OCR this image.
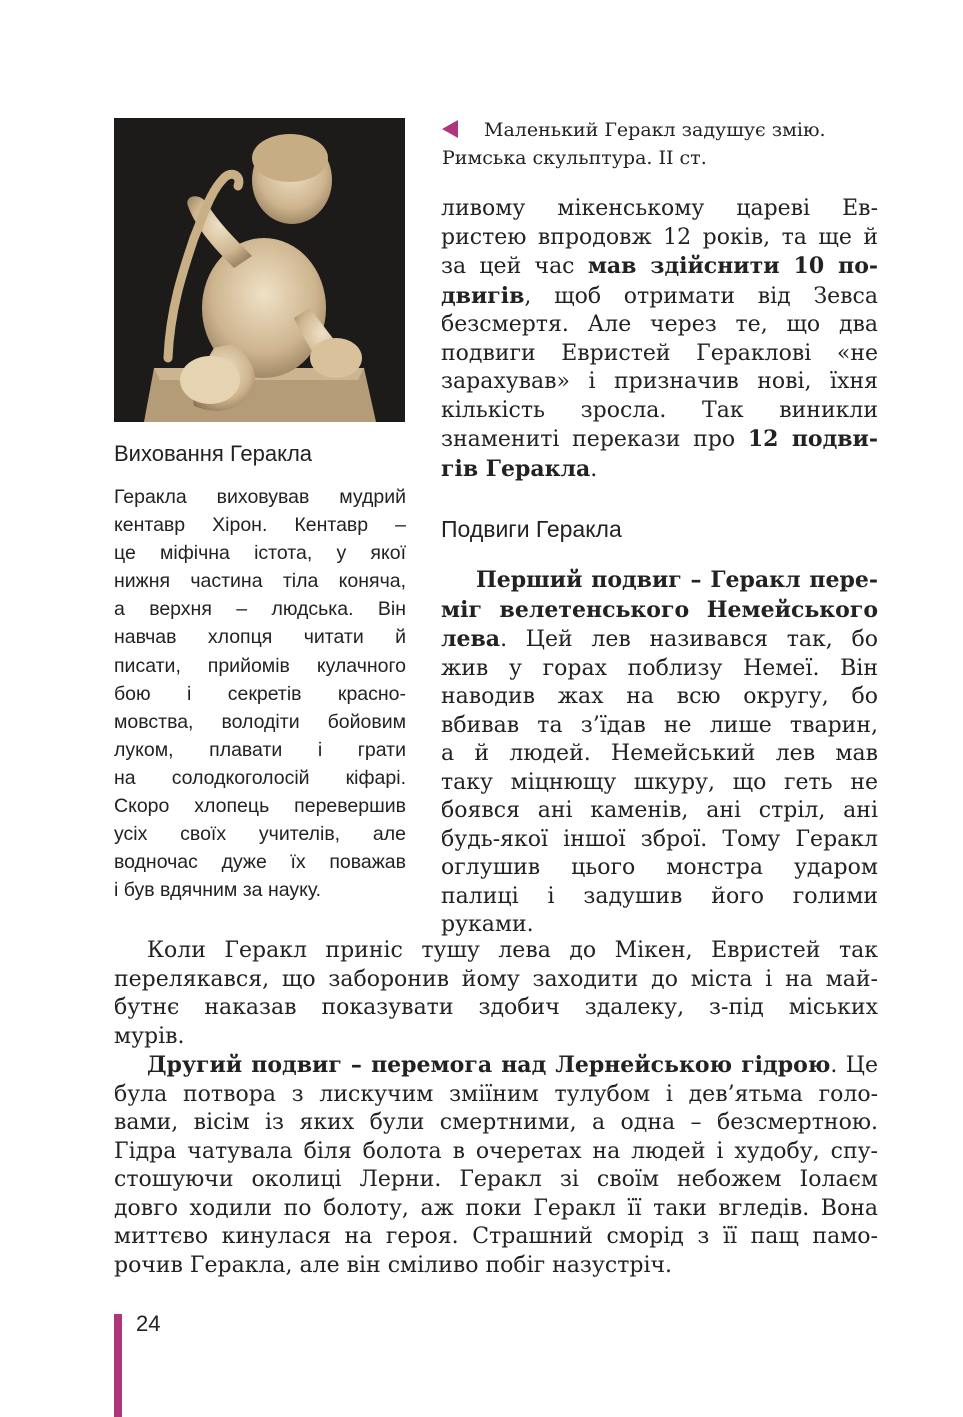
Маленький Геракл задушує змію.
Римська скульптура. ІІ ст.
ливому мікенському цареві Ев-
ристею впродовж 12 років, та ще й
за цей час мав здійснити 10 по-
двигів, щоб отримати від Зевса
безсмертя. Але через те, що два
подвиги Евристей Гераклові «не
зарахував» і призначив нові, їхня
кількість зросла. Так виникли
знамениті перекази про 12 подви-
гів Геракла.
Виховання Геракла
Геракла виховував мудрий
кентавр Хірон. Кентавр –
це міфічна істота, у якої
нижня частина тіла коняча,
а верхня – людська. Він
навчав хлопця читати й
писати, прийомів кулачного
бою і секретів красно-
мовства, володіти бойовим
луком, плавати і грати
на солодкоголосій кіфарі.
Скоро хлопець перевершив
усіх своїх учителів, але
водночас дуже їх поважав
і був вдячним за науку.
Подвиги Геракла
Перший подвиг – Геракл пере-
міг велетенського Немейського
лева. Цей лев називався так, бо
жив у горах поблизу Немеї. Він
наводив жах на всю округу, бо
вбивав та з’їдав не лише тварин,
а й людей. Немейський лев мав
таку міцнющу шкуру, що геть не
боявся ані каменів, ані стріл, ані
будь-якої іншої зброї. Тому Геракл
оглушив цього монстра ударом
палиці і задушив його голими
руками.
Коли Геракл приніс тушу лева до Мікен, Евристей так
перелякався, що заборонив йому заходити до міста і на май-
бутнє наказав показувати здобич здалеку, з-під міських
мурів.
Другий подвиг – перемога над Лернейською гідрою. Це
була потвора з лискучим зміїним тулубом і дев’ятьма голо-
вами, вісім із яких були смертними, а одна – безсмертною.
Гідра чатувала біля болота в очеретах на людей і худобу, спу-
стошуючи околиці Лерни. Геракл зі своїм небожем Іолаєм
довго ходили по болоту, аж поки Геракл її таки вгледів. Вона
миттєво кинулася на героя. Страшний сморід з її пащ памо-
рочив Геракла, але він сміливо побіг назустріч.
24
